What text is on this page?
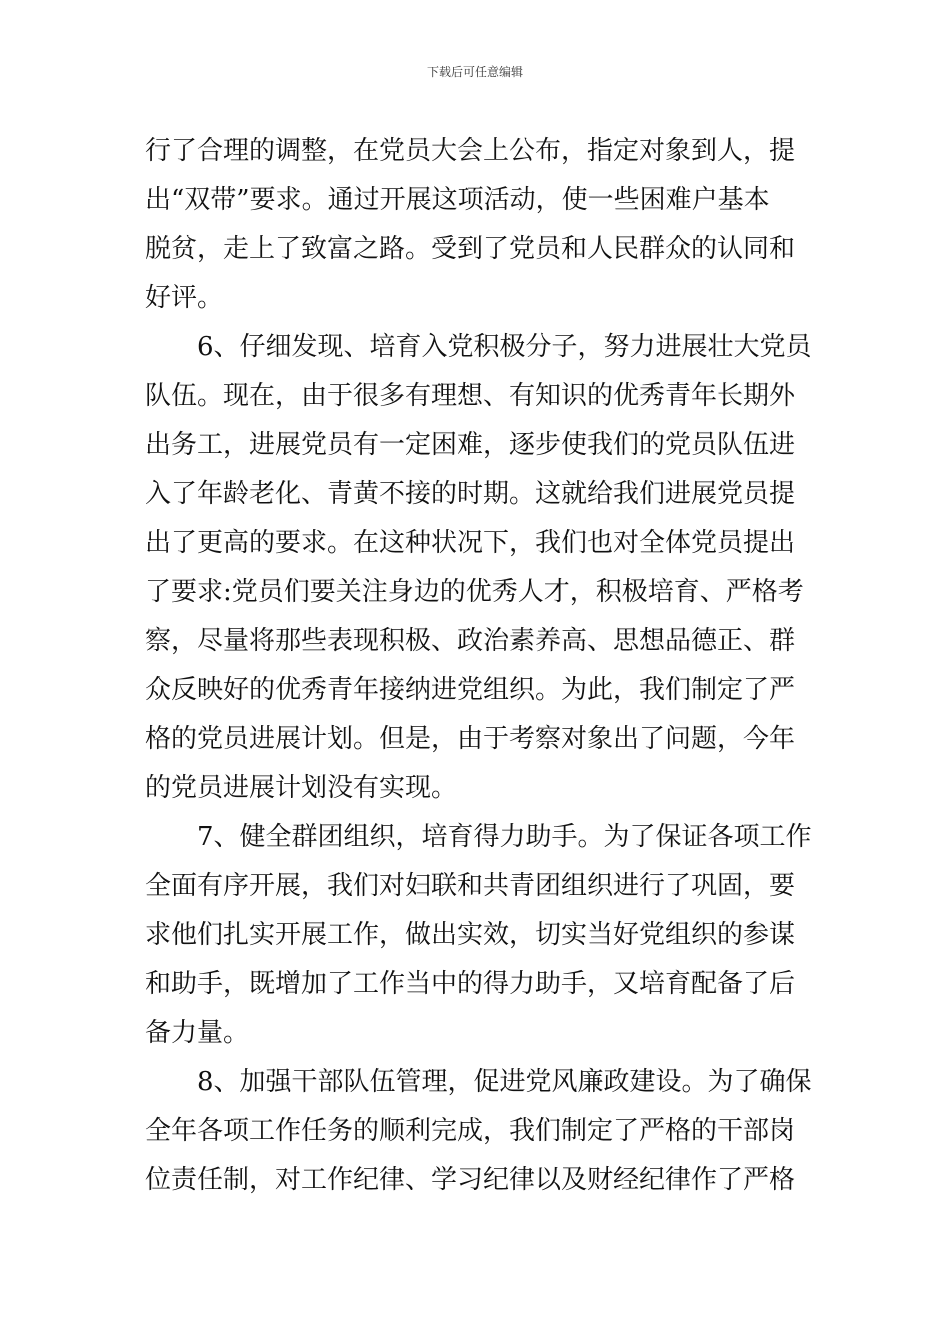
下载后可任意编辑
行了合理的调整，在党员大会上公布，指定对象到人，提
出“双带”要求。通过开展这项活动，使一些困难户基本
脱贫，走上了致富之路。受到了党员和人民群众的认同和
好评。
6、仔细发现、培育入党积极分子，努力进展壮大党员
队伍。现在，由于很多有理想、有知识的优秀青年长期外
出务工，进展党员有一定困难，逐步使我们的党员队伍进
入了年龄老化、青黄不接的时期。这就给我们进展党员提
出了更高的要求。在这种状况下，我们也对全体党员提出
了要求:党员们要关注身边的优秀人才，积极培育、严格考
察，尽量将那些表现积极、政治素养高、思想品德正、群
众反映好的优秀青年接纳进党组织。为此，我们制定了严
格的党员进展计划。但是，由于考察对象出了问题，今年
的党员进展计划没有实现。
7、健全群团组织，培育得力助手。为了保证各项工作
全面有序开展，我们对妇联和共青团组织进行了巩固，要
求他们扎实开展工作，做出实效，切实当好党组织的参谋
和助手，既增加了工作当中的得力助手，又培育配备了后
备力量。
8、加强干部队伍管理，促进党风廉政建设。为了确保
全年各项工作任务的顺利完成，我们制定了严格的干部岗
位责任制，对工作纪律、学习纪律以及财经纪律作了严格
